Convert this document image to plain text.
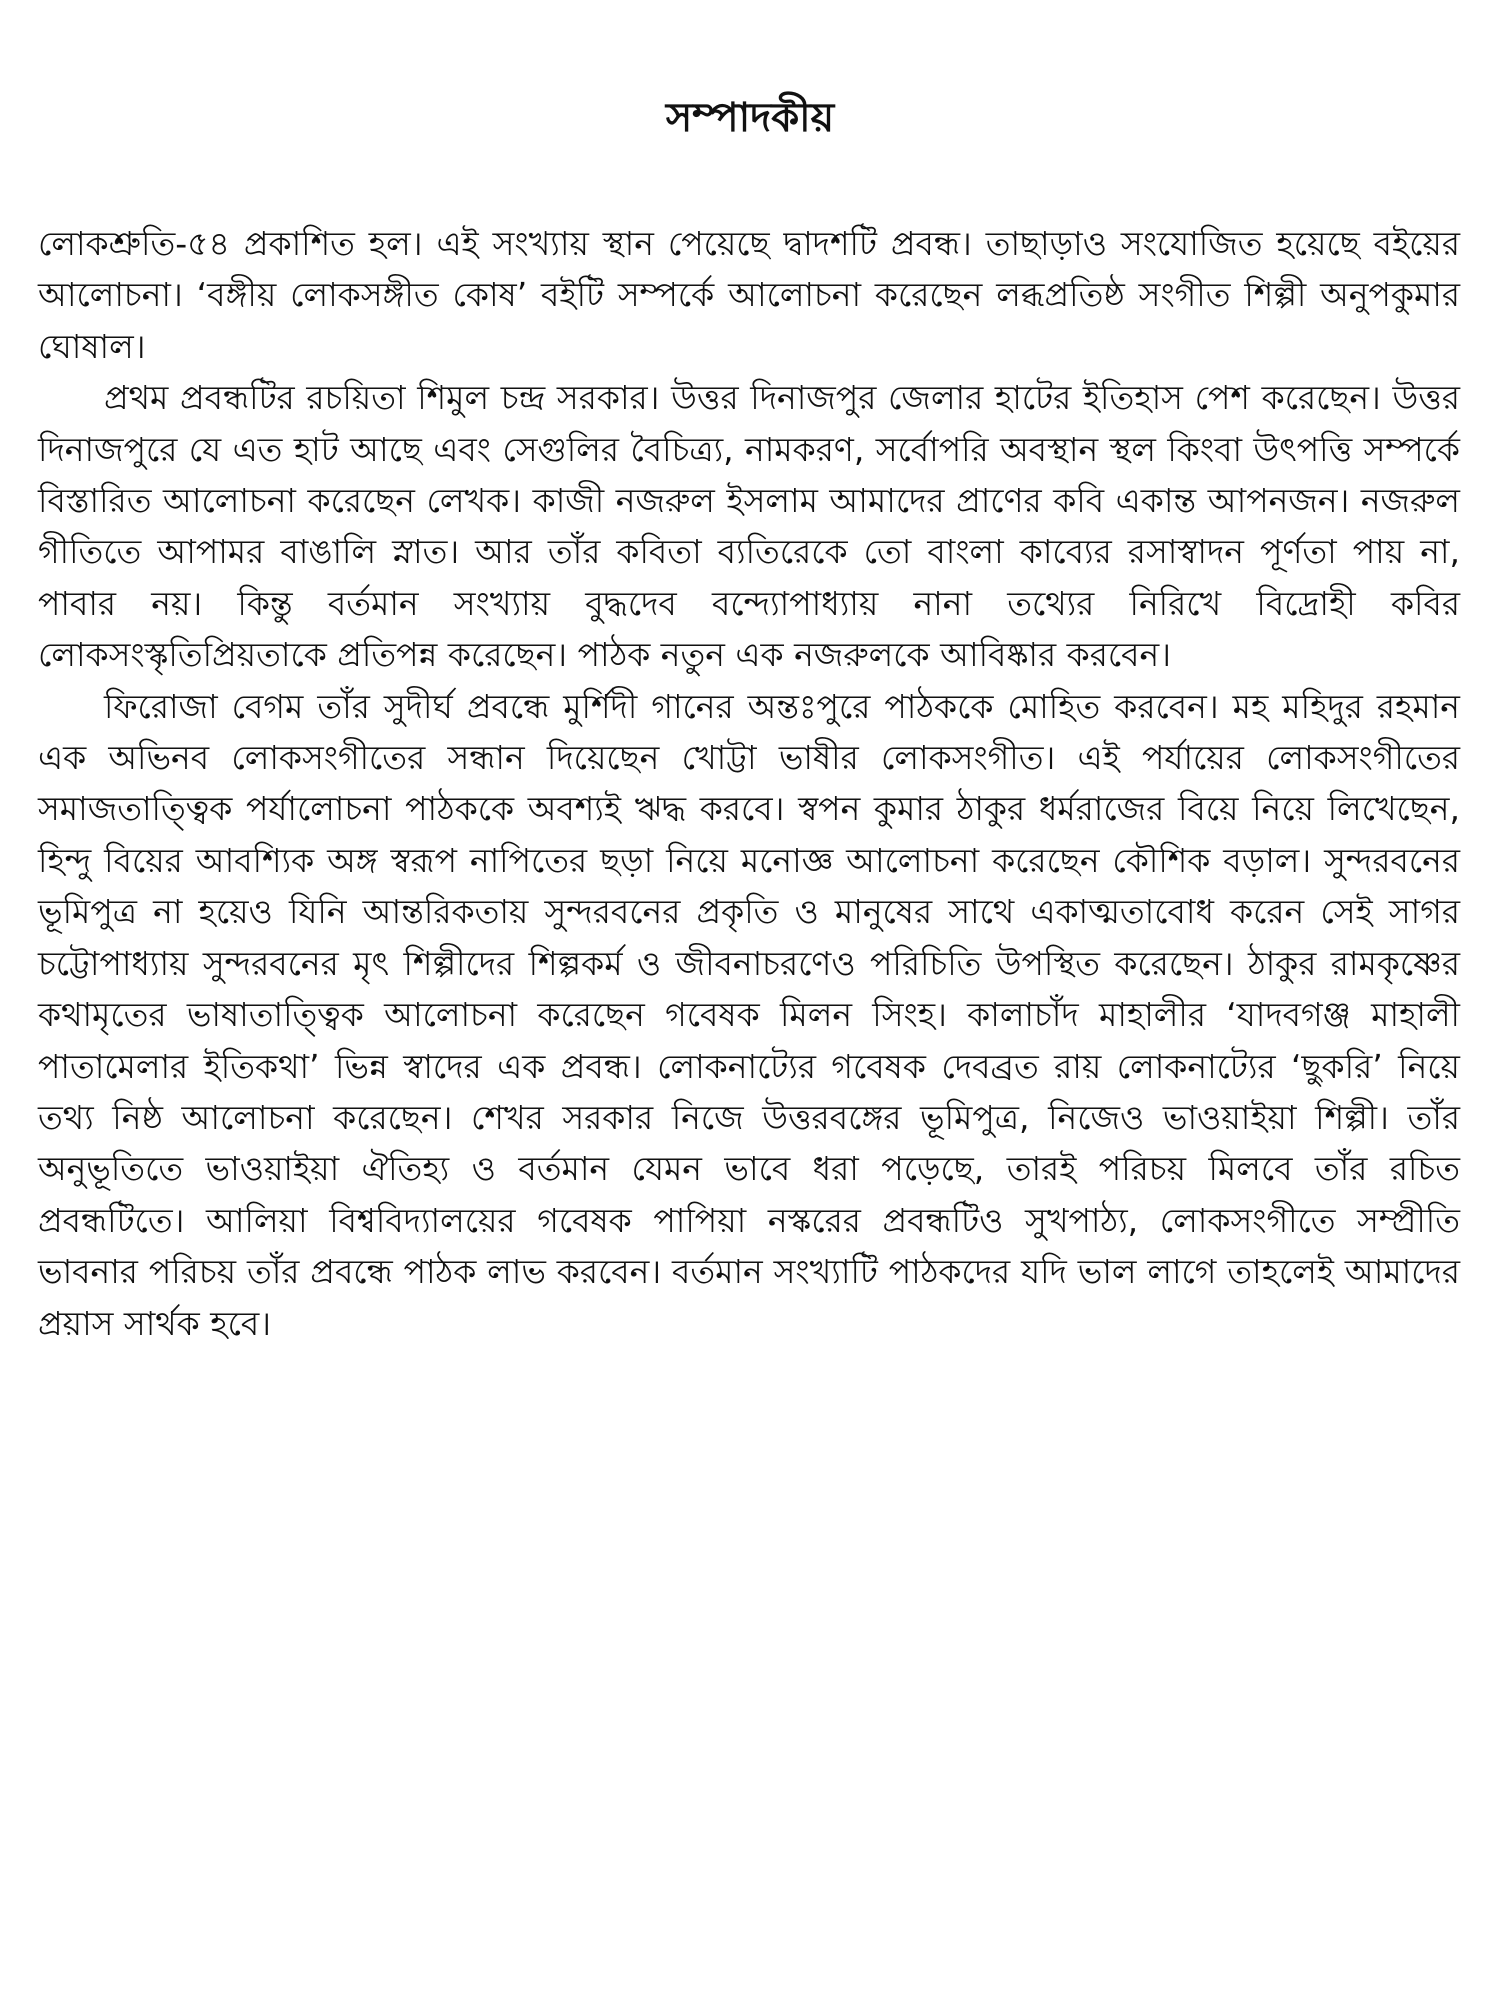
সম্পাদকীয়

লোকশ্রুতি-৫৪ প্রকাশিত হল। এই সংখ্যায় স্থান পেয়েছে দ্বাদশটি প্রবন্ধ। তাছাড়াও সংযোজিত হয়েছে বইয়ের আলোচনা। ‘বঙ্গীয় লোকসঙ্গীত কোষ’ বইটি সম্পর্কে আলোচনা করেছেন লব্ধপ্রতিষ্ঠ সংগীত শিল্পী অনুপকুমার ঘোষাল।

প্রথম প্রবন্ধটির রচয়িতা শিমুল চন্দ্র সরকার। উত্তর দিনাজপুর জেলার হাটের ইতিহাস পেশ করেছেন। উত্তর দিনাজপুরে যে এত হাট আছে এবং সেগুলির বৈচিত্র্য, নামকরণ, সর্বোপরি অবস্থান স্থল কিংবা উৎপত্তি সম্পর্কে বিস্তারিত আলোচনা করেছেন লেখক। কাজী নজরুল ইসলাম আমাদের প্রাণের কবি একান্ত আপনজন। নজরুল গীতিতে আপামর বাঙালি স্নাত। আর তাঁর কবিতা ব্যতিরেকে তো বাংলা কাব্যের রসাস্বাদন পূর্ণতা পায় না, পাবার নয়। কিন্তু বর্তমান সংখ্যায় বুদ্ধদেব বন্দ্যোপাধ্যায় নানা তথ্যের নিরিখে বিদ্রোহী কবির লোকসংস্কৃতিপ্রিয়তাকে প্রতিপন্ন করেছেন। পাঠক নতুন এক নজরুলকে আবিষ্কার করবেন।

ফিরোজা বেগম তাঁর সুদীর্ঘ প্রবন্ধে মুর্শিদী গানের অন্তঃপুরে পাঠককে মোহিত করবেন। মহ মহিদুর রহমান এক অভিনব লোকসংগীতের সন্ধান দিয়েছেন খোট্টা ভাষীর লোকসংগীত। এই পর্যায়ের লোকসংগীতের সমাজতাত্ত্বিক পর্যালোচনা পাঠককে অবশ্যই ঋদ্ধ করবে। স্বপন কুমার ঠাকুর ধর্মরাজের বিয়ে নিয়ে লিখেছেন, হিন্দু বিয়ের আবশ্যিক অঙ্গ স্বরূপ নাপিতের ছড়া নিয়ে মনোজ্ঞ আলোচনা করেছেন কৌশিক বড়াল। সুন্দরবনের ভূমিপুত্র না হয়েও যিনি আন্তরিকতায় সুন্দরবনের প্রকৃতি ও মানুষের সাথে একাত্মতাবোধ করেন সেই সাগর চট্টোপাধ্যায় সুন্দরবনের মৃৎ শিল্পীদের শিল্পকর্ম ও জীবনাচরণেও পরিচিতি উপস্থিত করেছেন। ঠাকুর রামকৃষ্ণের কথামৃতের ভাষাতাত্ত্বিক আলোচনা করেছেন গবেষক মিলন সিংহ। কালাচাঁদ মাহালীর ‘যাদবগঞ্জ মাহালী পাতামেলার ইতিকথা’ ভিন্ন স্বাদের এক প্রবন্ধ। লোকনাট্যের গবেষক দেবব্রত রায় লোকনাট্যের ‘ছুকরি’ নিয়ে তথ্য নিষ্ঠ আলোচনা করেছেন। শেখর সরকার নিজে উত্তরবঙ্গের ভূমিপুত্র, নিজেও ভাওয়াইয়া শিল্পী। তাঁর অনুভূতিতে ভাওয়াইয়া ঐতিহ্য ও বর্তমান যেমন ভাবে ধরা পড়েছে, তারই পরিচয় মিলবে তাঁর রচিত প্রবন্ধটিতে। আলিয়া বিশ্ববিদ্যালয়ের গবেষক পাপিয়া নস্করের প্রবন্ধটিও সুখপাঠ্য, লোকসংগীতে সম্প্রীতি ভাবনার পরিচয় তাঁর প্রবন্ধে পাঠক লাভ করবেন। বর্তমান সংখ্যাটি পাঠকদের যদি ভাল লাগে তাহলেই আমাদের প্রয়াস সার্থক হবে।
